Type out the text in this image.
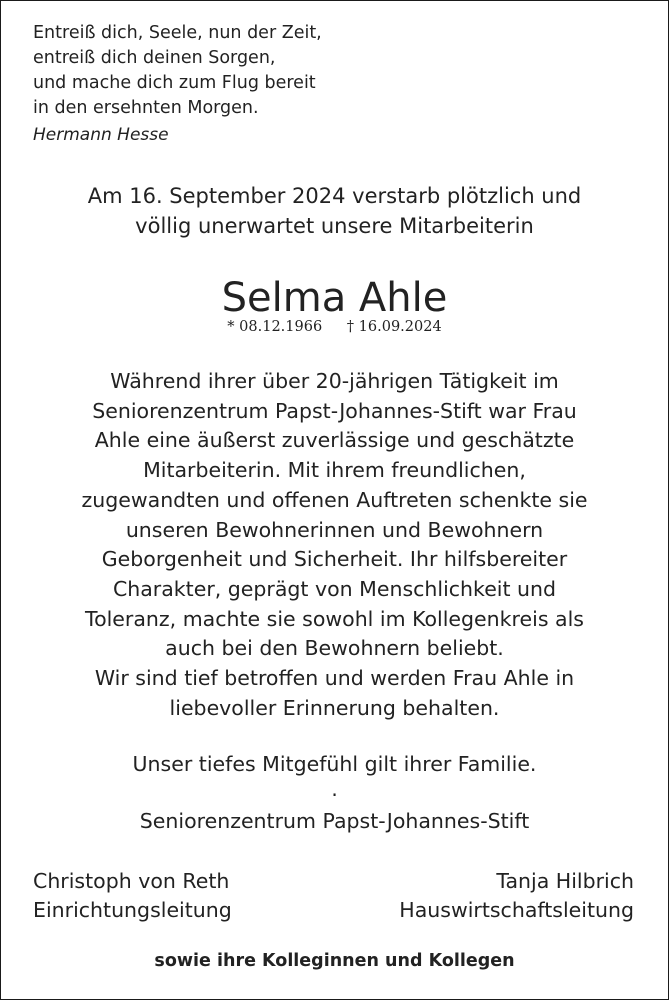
Entreiß dich, Seele, nun der Zeit,
entreiß dich deinen Sorgen,
und mache dich zum Flug bereit
in den ersehnten Morgen.
Hermann Hesse
Am 16. September 2024 verstarb plötzlich und
völlig unerwartet unsere Mitarbeiterin
Selma Ahle
* 08.12.1966 † 16.09.2024
Während ihrer über 20-jährigen Tätigkeit im
Seniorenzentrum Papst-Johannes-Stift war Frau
Ahle eine äußerst zuverlässige und geschätzte
Mitarbeiterin. Mit ihrem freundlichen,
zugewandten und offenen Auftreten schenkte sie
unseren Bewohnerinnen und Bewohnern
Geborgenheit und Sicherheit. Ihr hilfsbereiter
Charakter, geprägt von Menschlichkeit und
Toleranz, machte sie sowohl im Kollegenkreis als
auch bei den Bewohnern beliebt.
Wir sind tief betroffen und werden Frau Ahle in
liebevoller Erinnerung behalten.
Unser tiefes Mitgefühl gilt ihrer Familie.
.
Seniorenzentrum Papst-Johannes-Stift
Christoph von Reth
Einrichtungsleitung
Tanja Hilbrich
Hauswirtschaftsleitung
sowie ihre Kolleginnen und Kollegen
